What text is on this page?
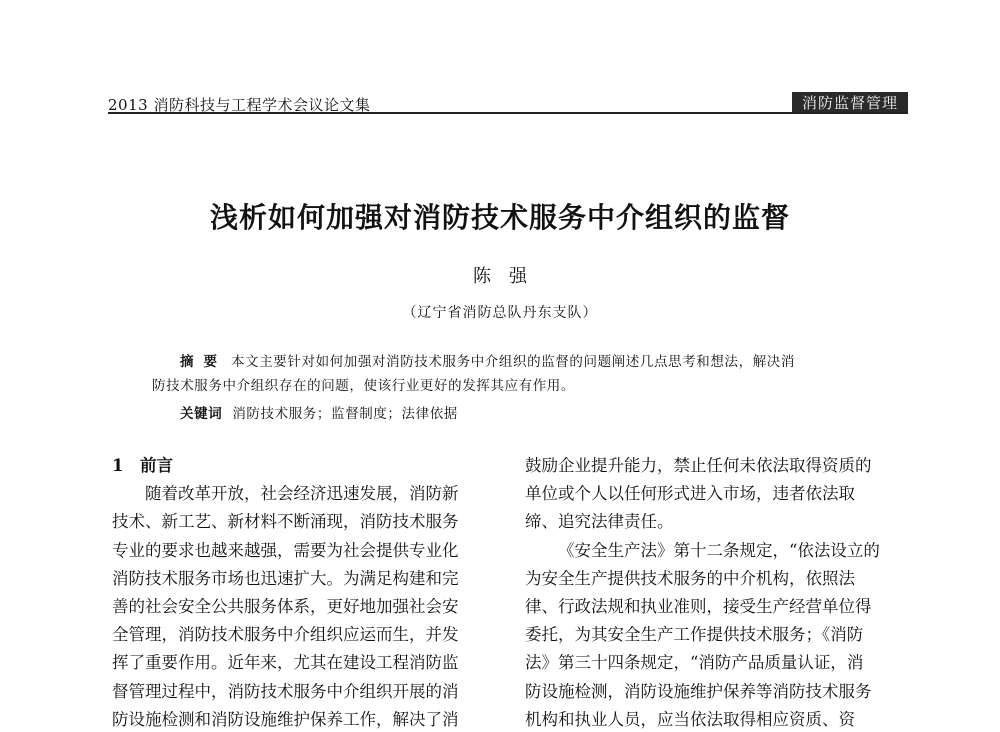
2013 消防科技与工程学术会议论文集	消防监督管理
浅析如何加强对消防技术服务中介组织的监督
陈强
（辽宁省消防总队丹东支队）
摘要 本文主要针对如何加强对消防技术服务中介组织的监督的问题阐述几点思考和想法，解决消
防技术服务中介组织存在的问题，使该行业更好的发挥其应有作用。
关键词 消防技术服务；监督制度；法律依据
1　前言
随着改革开放，社会经济迅速发展，消防新
技术、新工艺、新材料不断涌现，消防技术服务
专业的要求也越来越强，需要为社会提供专业化
消防技术服务市场也迅速扩大。为满足构建和完
善的社会安全公共服务体系，更好地加强社会安
全管理，消防技术服务中介组织应运而生，并发
挥了重要作用。近年来，尤其在建设工程消防监
督管理过程中，消防技术服务中介组织开展的消
防设施检测和消防设施维护保养工作，解决了消
鼓励企业提升能力，禁止任何未依法取得资质的
单位或个人以任何形式进入市场，违者依法取
缔、追究法律责任。
《安全生产法》第十二条规定，“依法设立的
为安全生产提供技术服务的中介机构，依照法
律、行政法规和执业准则，接受生产经营单位得
委托，为其安全生产工作提供技术服务；《消防
法》第三十四条规定，“消防产品质量认证，消
防设施检测，消防设施维护保养等消防技术服务
机构和执业人员，应当依法取得相应资质、资
